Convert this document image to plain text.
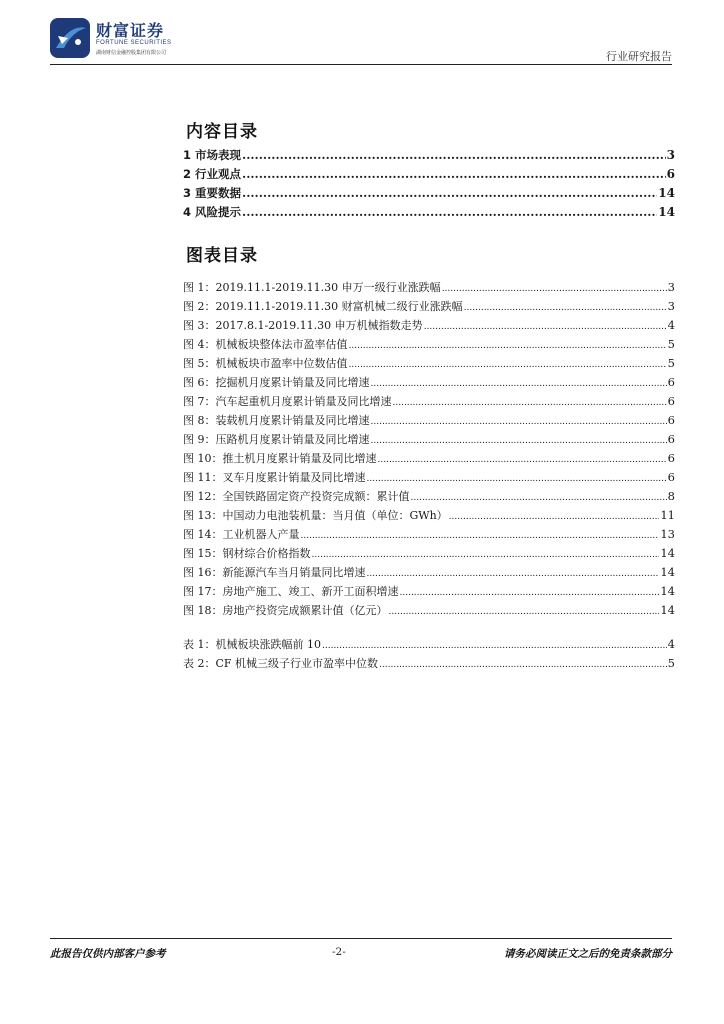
财富证券
FORTUNE SECURITIES
湖南财信金融控股集团有限公司	行业研究报告
内容目录
1 市场表现 .....	3
2 行业观点 .....	6
3 重要数据 .....	14
4 风险提示 .....	14
图表目录
图 1：2019.11.1-2019.11.30 申万一级行业涨跌幅 .....	3
图 2：2019.11.1-2019.11.30 财富机械二级行业涨跌幅 .....	3
图 3：2017.8.1-2019.11.30 申万机械指数走势 .....	4
图 4：机械板块整体法市盈率估值 .....	5
图 5：机械板块市盈率中位数估值 .....	5
图 6：挖掘机月度累计销量及同比增速 .....	6
图 7：汽车起重机月度累计销量及同比增速 .....	6
图 8：装载机月度累计销量及同比增速 .....	6
图 9：压路机月度累计销量及同比增速 .....	6
图 10：推土机月度累计销量及同比增速 .....	6
图 11：叉车月度累计销量及同比增速 .....	6
图 12：全国铁路固定资产投资完成额：累计值 .....	8
图 13：中国动力电池装机量：当月值（单位：GWh） .....	11
图 14：工业机器人产量 .....	13
图 15：钢材综合价格指数 .....	14
图 16：新能源汽车当月销量同比增速 .....	14
图 17：房地产施工、竣工、新开工面积增速 .....	14
图 18：房地产投资完成额累计值（亿元） .....	14
表 1：机械板块涨跌幅前 10 .....	4
表 2：CF 机械三级子行业市盈率中位数 .....	5
此报告仅供内部客户参考	-2-	请务必阅读正文之后的免责条款部分
